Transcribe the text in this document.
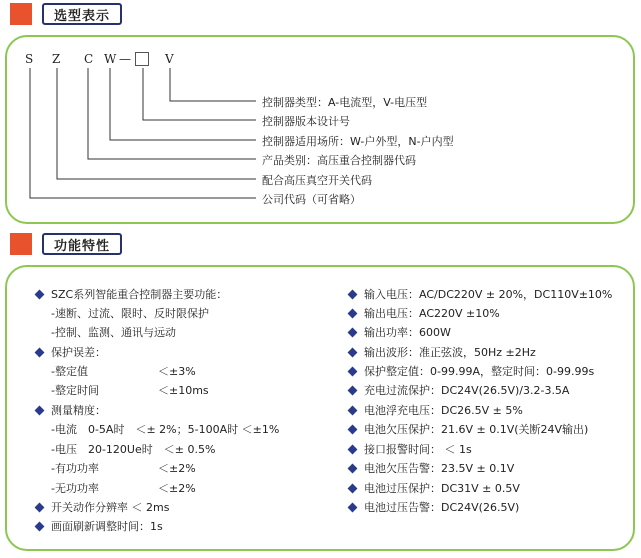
选型表示
S Z C W —	V
控制器类型：A-电流型，V-电压型
控制器版本设计号
控制器适用场所：W-户外型，N-户内型
产品类别：高压重合控制器代码
配合高压真空开关代码
公司代码（可省略）
功能特性
SZC系列智能重合控制器主要功能：
-速断、过流、限时、反时限保护
-控制、监测、通讯与远动
保护误差：
-整定值	＜±3%
-整定时间	＜±10ms
测量精度：
-电流　0-5A时　＜± 2%；5-100A时 ＜±1%
-电压　20-120Ue时　＜± 0.5%
-有功功率	＜±2%
-无功功率	＜±2%
开关动作分辨率 ＜ 2ms
画面刷新调整时间：1s
输入电压：AC/DC220V ± 20%，DC110V±10%
输出电压：AC220V ±10%
输出功率：600W
输出波形：准正弦波，50Hz ±2Hz
保护整定值：0-99.99A，整定时间：0-99.99s
充电过流保护：DC24V(26.5V)/3.2-3.5A
电池浮充电压：DC26.5V ± 5%
电池欠压保护：21.6V ± 0.1V(关断24V输出)
接口报警时间： ＜ 1s
电池欠压告警：23.5V ± 0.1V
电池过压保护：DC31V ± 0.5V
电池过压告警：DC24V(26.5V)
